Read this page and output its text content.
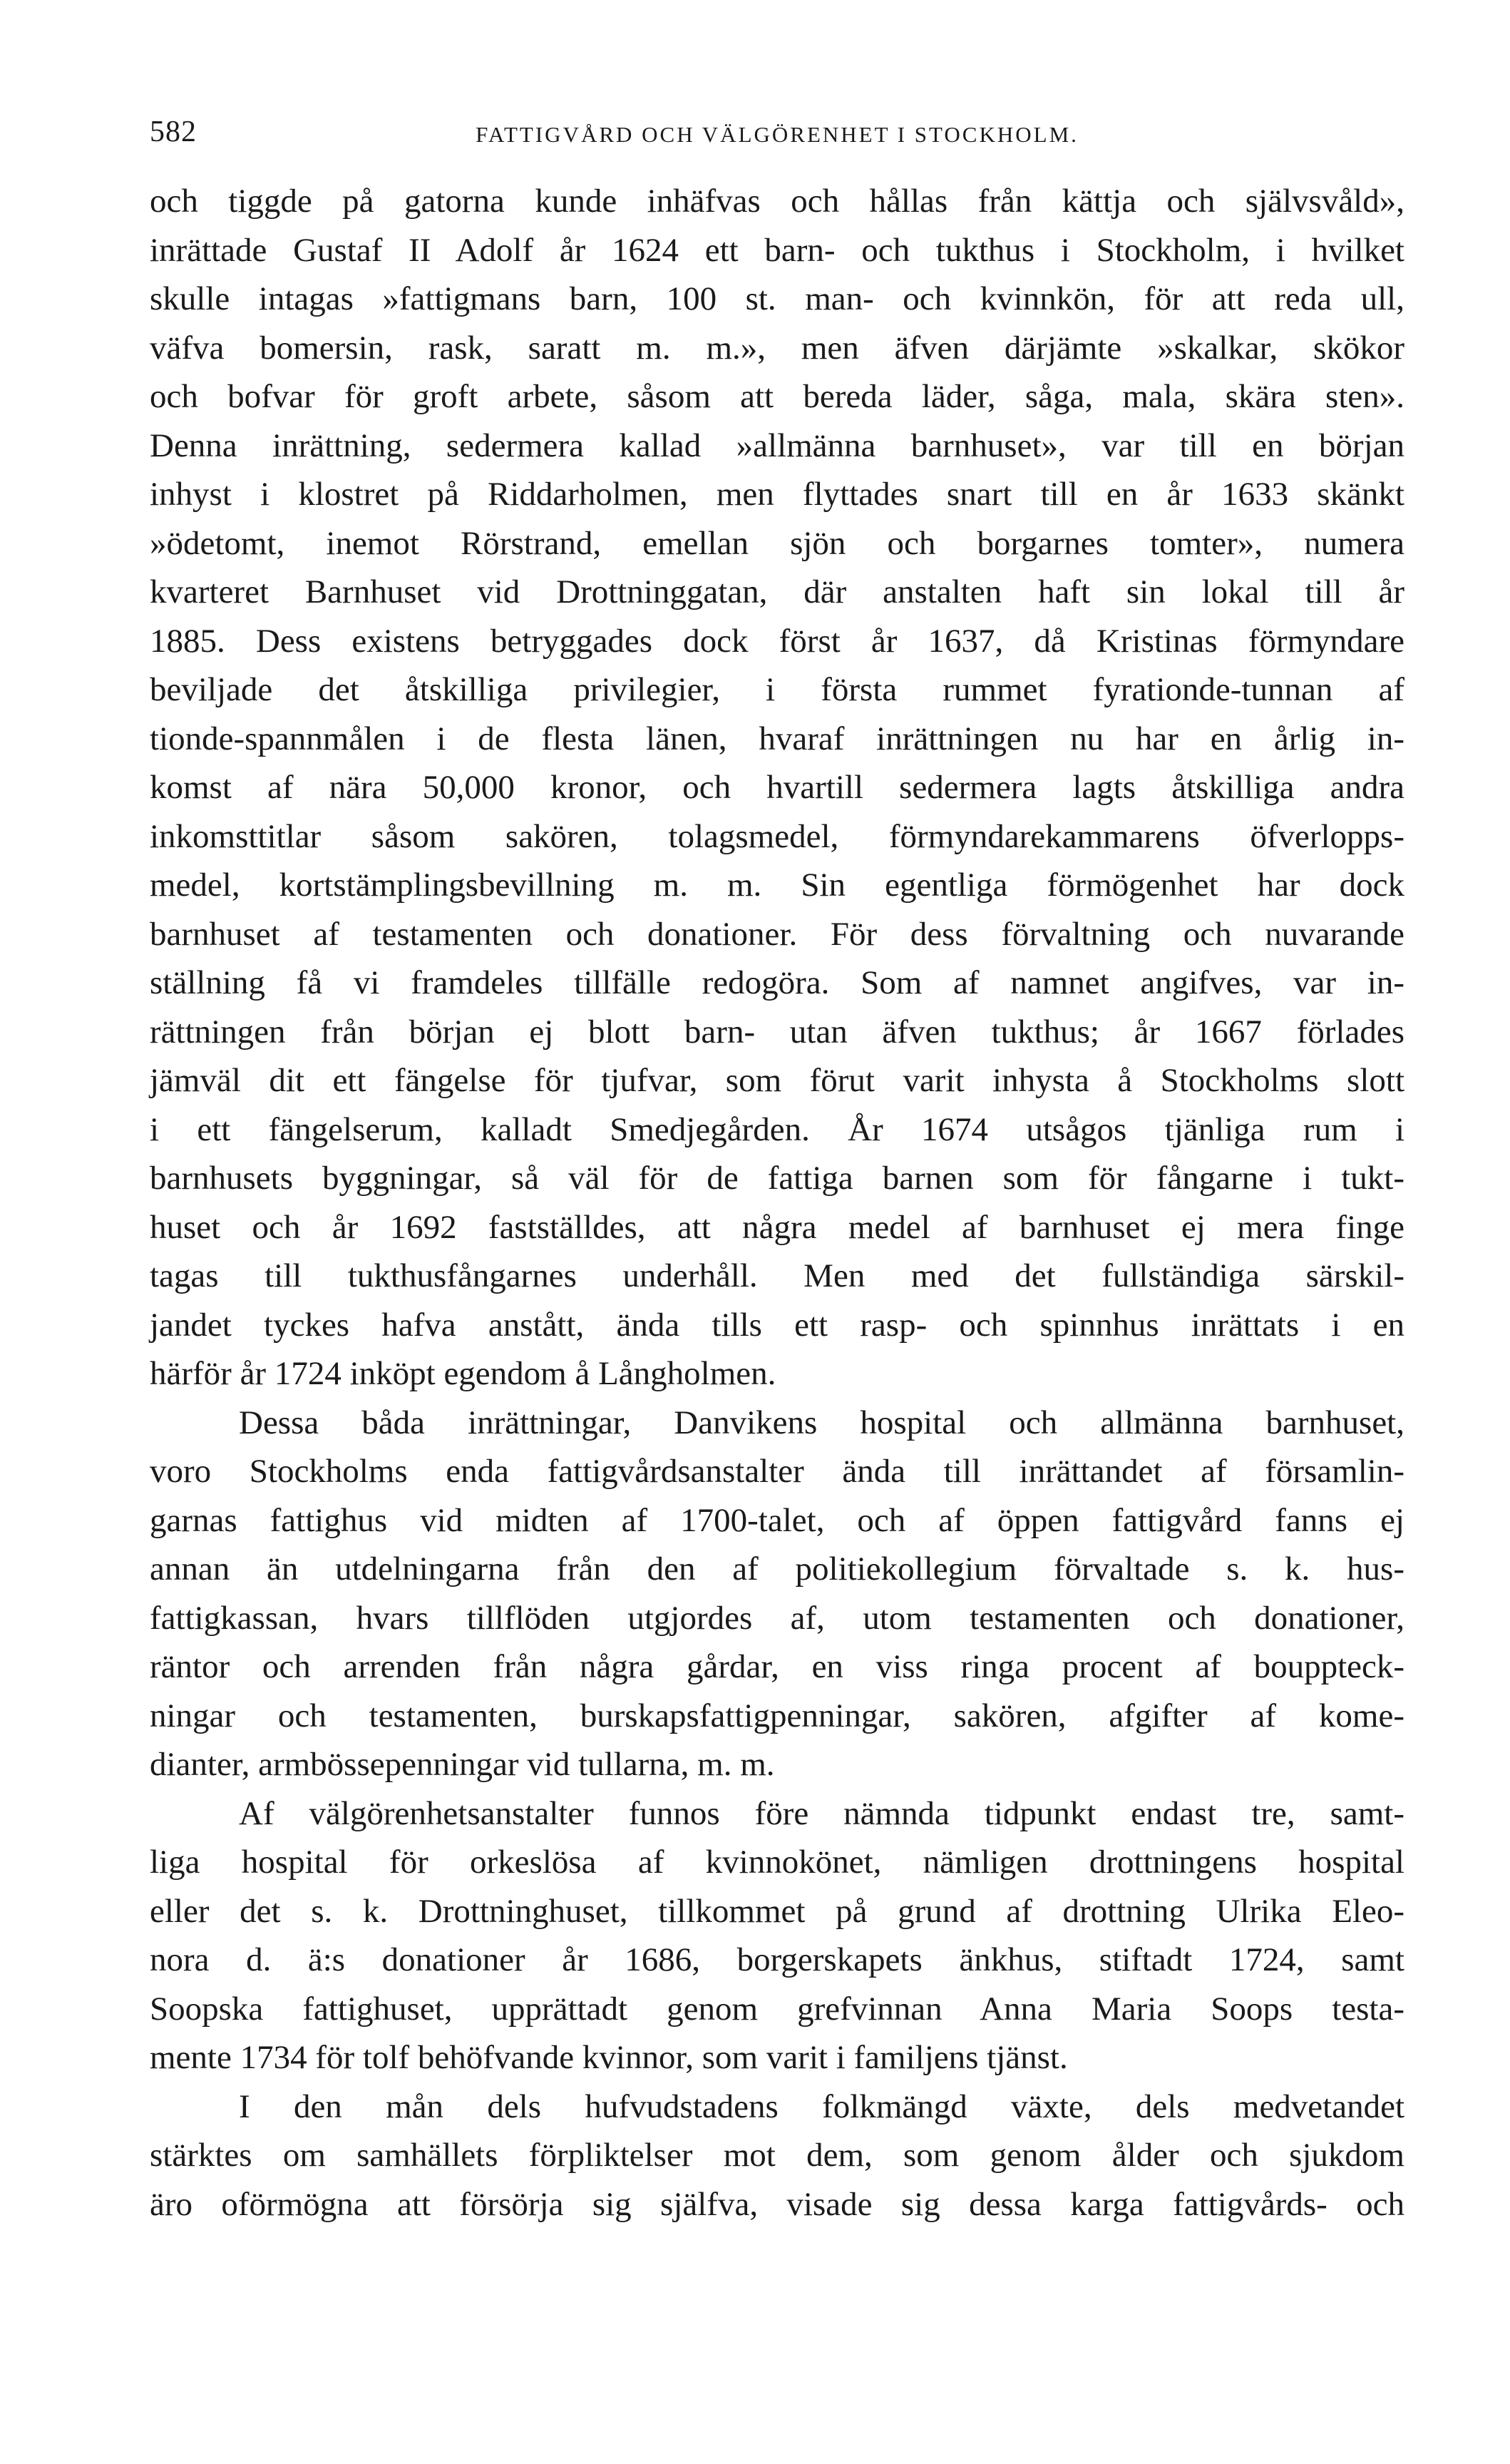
582	FATTIGVÅRD OCH VÄLGÖRENHET I STOCKHOLM.
och tiggde på gatorna kunde inhäfvas och hållas från kättja och självsvåld»,
inrättade Gustaf II Adolf år 1624 ett barn- och tukthus i Stockholm, i hvilket
skulle intagas »fattigmans barn, 100 st. man- och kvinnkön, för att reda ull,
väfva bomersin, rask, saratt m. m.», men äfven därjämte »skalkar, skökor
och bofvar för groft arbete, såsom att bereda läder, såga, mala, skära sten».
Denna inrättning, sedermera kallad »allmänna barnhuset», var till en början
inhyst i klostret på Riddarholmen, men flyttades snart till en år 1633 skänkt
»ödetomt, inemot Rörstrand, emellan sjön och borgarnes tomter», numera
kvarteret Barnhuset vid Drottninggatan, där anstalten haft sin lokal till år
1885. Dess existens betryggades dock först år 1637, då Kristinas förmyndare
beviljade det åtskilliga privilegier, i första rummet fyrationde-tunnan af
tionde-spannmålen i de flesta länen, hvaraf inrättningen nu har en årlig in-
komst af nära 50,000 kronor, och hvartill sedermera lagts åtskilliga andra
inkomsttitlar såsom sakören, tolagsmedel, förmyndarekammarens öfverlopps-
medel, kortstämplingsbevillning m. m. Sin egentliga förmögenhet har dock
barnhuset af testamenten och donationer. För dess förvaltning och nuvarande
ställning få vi framdeles tillfälle redogöra. Som af namnet angifves, var in-
rättningen från början ej blott barn- utan äfven tukthus; år 1667 förlades
jämväl dit ett fängelse för tjufvar, som förut varit inhysta å Stockholms slott
i ett fängelserum, kalladt Smedjegården. År 1674 utsågos tjänliga rum i
barnhusets byggningar, så väl för de fattiga barnen som för fångarne i tukt-
huset och år 1692 fastställdes, att några medel af barnhuset ej mera finge
tagas till tukthusfångarnes underhåll. Men med det fullständiga särskil-
jandet tyckes hafva anstått, ända tills ett rasp- och spinnhus inrättats i en
härför år 1724 inköpt egendom å Långholmen.
Dessa båda inrättningar, Danvikens hospital och allmänna barnhuset,
voro Stockholms enda fattigvårdsanstalter ända till inrättandet af församlin-
garnas fattighus vid midten af 1700-talet, och af öppen fattigvård fanns ej
annan än utdelningarna från den af politiekollegium förvaltade s. k. hus-
fattigkassan, hvars tillflöden utgjordes af, utom testamenten och donationer,
räntor och arrenden från några gårdar, en viss ringa procent af bouppteck-
ningar och testamenten, burskapsfattigpenningar, sakören, afgifter af kome-
dianter, armbössepenningar vid tullarna, m. m.
Af välgörenhetsanstalter funnos före nämnda tidpunkt endast tre, samt-
liga hospital för orkeslösa af kvinnokönet, nämligen drottningens hospital
eller det s. k. Drottninghuset, tillkommet på grund af drottning Ulrika Eleo-
nora d. ä:s donationer år 1686, borgerskapets änkhus, stiftadt 1724, samt
Soopska fattighuset, upprättadt genom grefvinnan Anna Maria Soops testa-
mente 1734 för tolf behöfvande kvinnor, som varit i familjens tjänst.
I den mån dels hufvudstadens folkmängd växte, dels medvetandet
stärktes om samhällets förpliktelser mot dem, som genom ålder och sjukdom
äro oförmögna att försörja sig själfva, visade sig dessa karga fattigvårds- och
